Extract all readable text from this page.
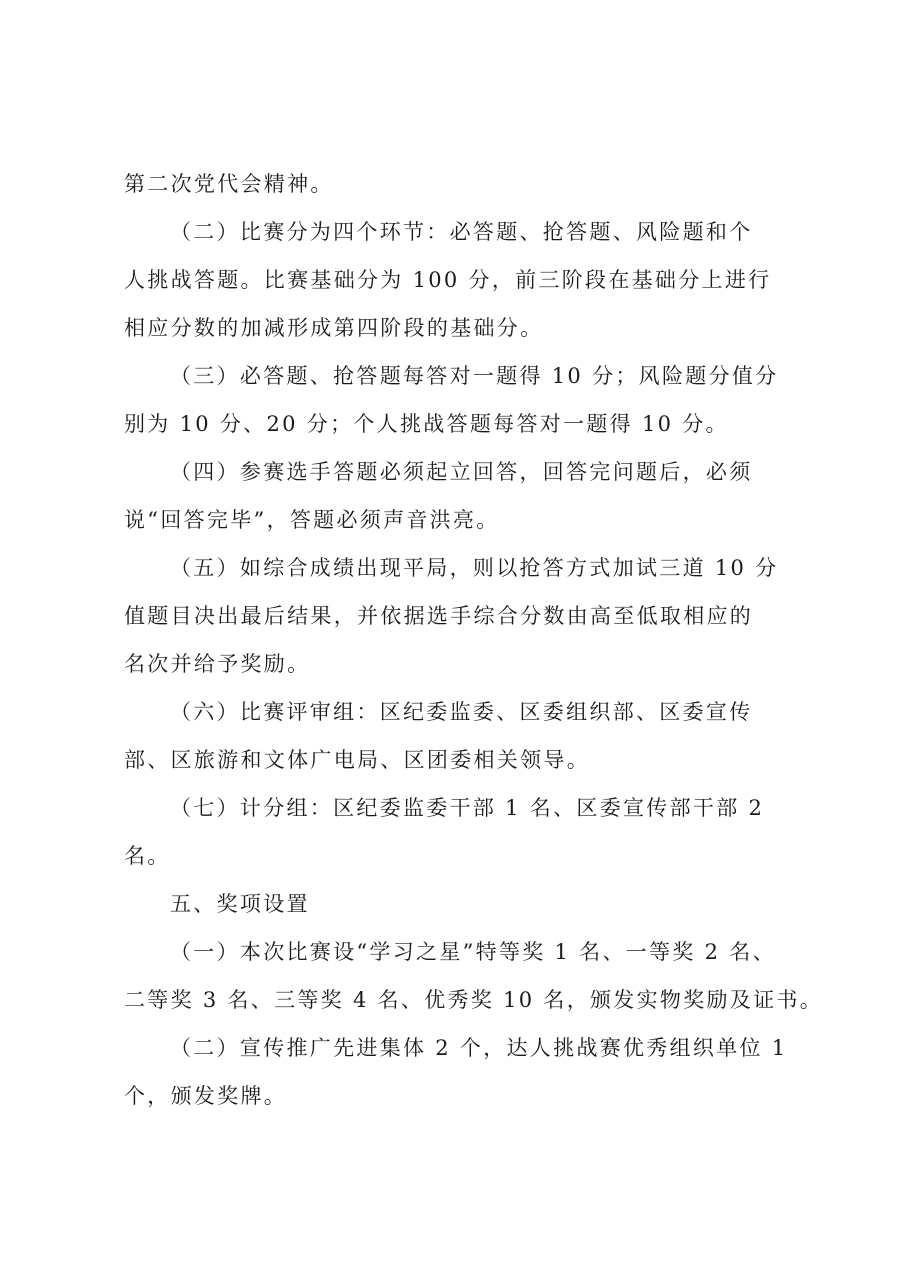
第二次党代会精神。
（二）比赛分为四个环节：必答题、抢答题、风险题和个
人挑战答题。比赛基础分为 100 分，前三阶段在基础分上进行
相应分数的加减形成第四阶段的基础分。
（三）必答题、抢答题每答对一题得 10 分；风险题分值分
别为 10 分、20 分；个人挑战答题每答对一题得 10 分。
（四）参赛选手答题必须起立回答，回答完问题后，必须
说“回答完毕”，答题必须声音洪亮。
（五）如综合成绩出现平局，则以抢答方式加试三道 10 分
值题目决出最后结果，并依据选手综合分数由高至低取相应的
名次并给予奖励。
（六）比赛评审组：区纪委监委、区委组织部、区委宣传
部、区旅游和文体广电局、区团委相关领导。
（七）计分组：区纪委监委干部 1 名、区委宣传部干部 2
名。
五、奖项设置
（一）本次比赛设“学习之星”特等奖 1 名、一等奖 2 名、
二等奖 3 名、三等奖 4 名、优秀奖 10 名，颁发实物奖励及证书。
（二）宣传推广先进集体 2 个，达人挑战赛优秀组织单位 1
个，颁发奖牌。
